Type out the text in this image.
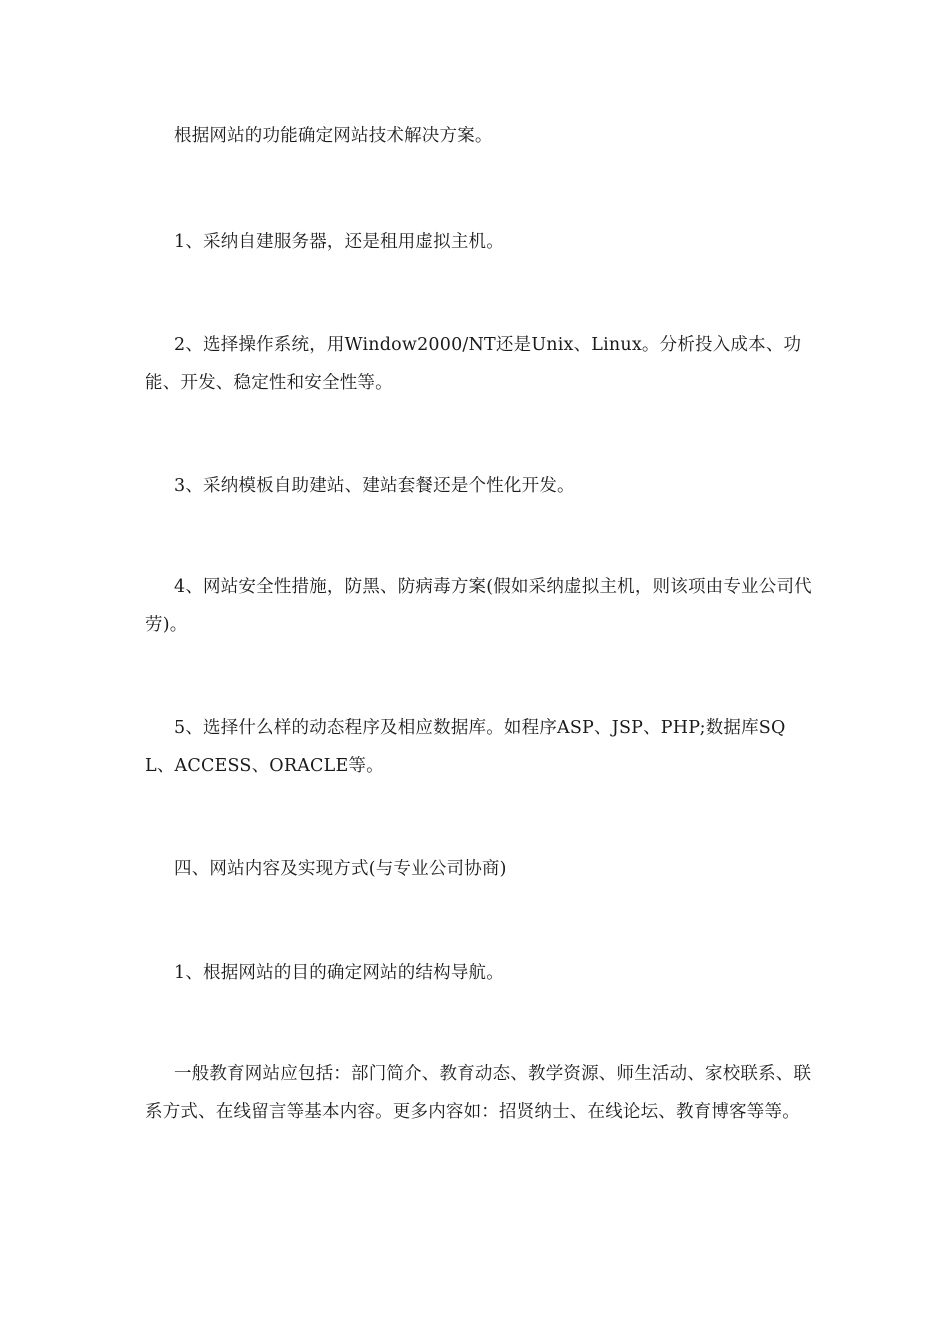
根据网站的功能确定网站技术解决方案。

1、采纳自建服务器，还是租用虚拟主机。

2、选择操作系统，用Window2000/NT还是Unix、Linux。分析投入成本、功能、开发、稳定性和安全性等。

3、采纳模板自助建站、建站套餐还是个性化开发。

4、网站安全性措施，防黑、防病毒方案(假如采纳虚拟主机，则该项由专业公司代劳)。

5、选择什么样的动态程序及相应数据库。如程序ASP、JSP、PHP;数据库SQL、ACCESS、ORACLE等。

四、网站内容及实现方式(与专业公司协商)

1、根据网站的目的确定网站的结构导航。

一般教育网站应包括：部门简介、教育动态、教学资源、师生活动、家校联系、联系方式、在线留言等基本内容。更多内容如：招贤纳士、在线论坛、教育博客等等。
